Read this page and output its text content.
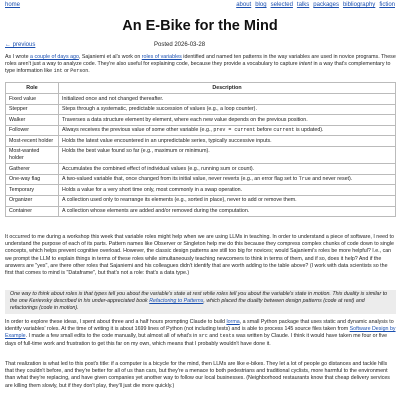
home	about blog selected talks packages bibliography fiction
An E-Bike for the Mind
← previous	Posted 2026-03-28

As I wrote a couple of days ago, Sajaniemi et al's work on roles of variables identified and named ten patterns in the way variables are used in novice programs. These roles aren't just a way to analyze code. They're also useful for explaining code, because they provide a vocabulary to capture intent in a way that's complementary to type information like int or Person.

Role	Description
Fixed value	Initialized once and not changed thereafter.
Stepper	Steps through a systematic, predictable succession of values (e.g., a loop counter).
Walker	Traverses a data structure element by element, where each new value depends on the previous position.
Follower	Always receives the previous value of some other variable (e.g., prev = current before current is updated).
Most-recent holder	Holds the latest value encountered in an unpredictable series, typically successive inputs.
Most-wanted holder	Holds the best value found so far (e.g., maximum or minimum).
Gatherer	Accumulates the combined effect of individual values (e.g., running sum or count).
One-way flag	A two-valued variable that, once changed from its initial value, never reverts (e.g., an error flag set to True and never reset).
Temporary	Holds a value for a very short time only, most commonly in a swap operation.
Organizer	A collection used only to rearrange its elements (e.g., sorted in place), never to add or remove them.
Container	A collection whose elements are added and/or removed during the computation.

It occurred to me during a workshop this week that variable roles might help when we are using LLMs in teaching. In order to understand a piece of software, I need to understand the purpose of each of its parts. Pattern names like Observer or Singleton help me do this because they compress complex chunks of code down to single concepts, which helps prevent cognitive overload. However, the classic design patterns are still too big for novices; would Sajaniemi's roles be more helpful? I.e., can we prompt the LLM to explain things in terms of these roles while simultaneously teaching newcomers to think in terms of them, and if so, does it help? And if the answers are "yes", are there other roles that Sajaniemi and his colleagues didn't identify that are worth adding to the table above? (I work with data scientists so the first that comes to mind is "Dataframe", but that's not a role: that's a data type.)

One way to think about roles is that types tell you about the variable's state at rest while roles tell you about the variable's state in motion. This duality is similar to the one Kerievsky described in his under-appreciated book Refactoring to Patterns, which placed the duality between design patterns (code at rest) and refactorings (code in motion).

In order to explore these ideas, I spent about three and a half hours prompting Claude to build lorma, a small Python package that uses static and dynamic analysis to identify variables' roles. At the time of writing it is about 1699 lines of Python (not including tests) and is able to process 145 source files taken from Software Design by Example. I made a few small edits to the code manually, but almost all of what's in src and tests was written by Claude. I think it would have taken me four or five days of full-time work and frustration to get this far on my own, which means that I probably wouldn't have done it.

That realization is what led to this post's title: if a computer is a bicycle for the mind, then LLMs are like e-bikes. They let a lot of people go distances and tackle hills that they couldn't before, and they're better for all of us than cars, but they're a menace to both pedestrians and traditional cyclists, more harmful to the environment than what they're replacing, and have given companies yet another way to follow our local businesses. (Neighborhood restaurants know that cheap delivery services are killing them slowly, but if they don't play, they'll just die more quickly.)
